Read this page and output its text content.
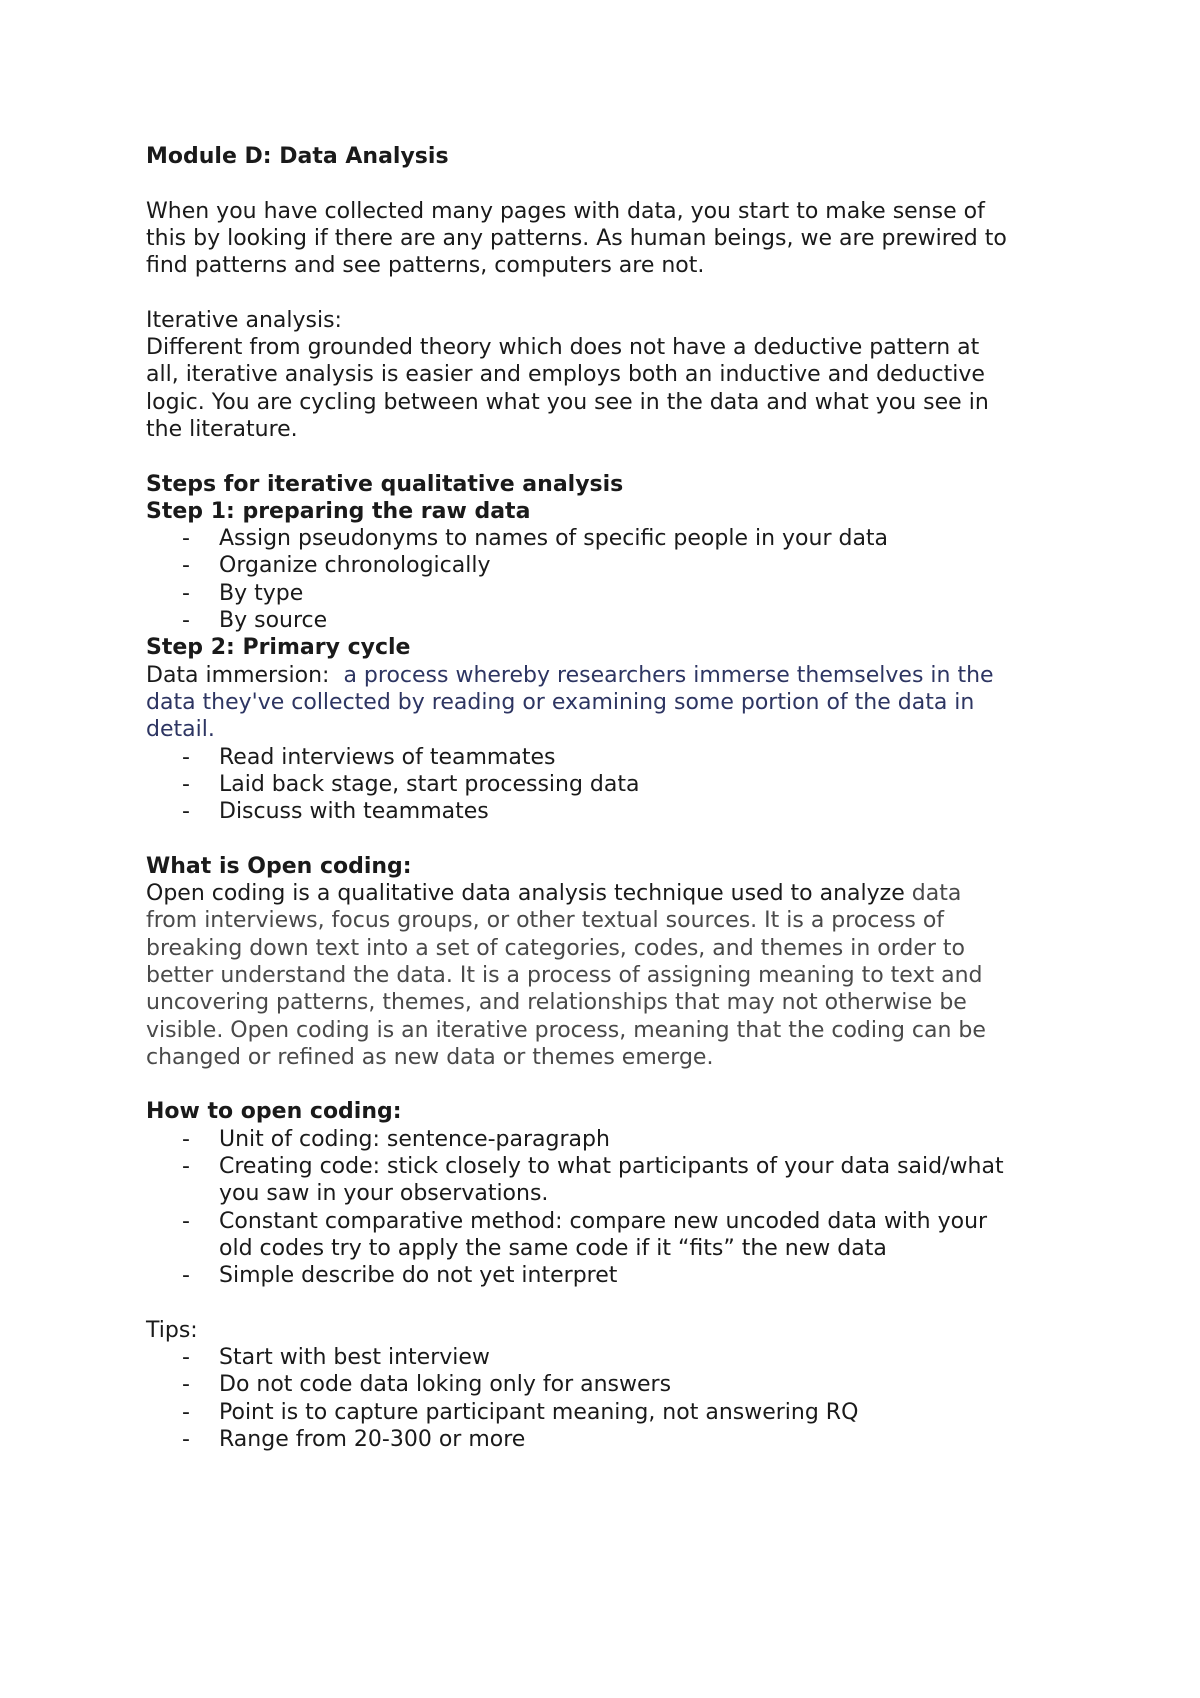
Module D: Data Analysis
When you have collected many pages with data, you start to make sense of
this by looking if there are any patterns. As human beings, we are prewired to
find patterns and see patterns, computers are not.
Iterative analysis:
Different from grounded theory which does not have a deductive pattern at
all, iterative analysis is easier and employs both an inductive and deductive
logic. You are cycling between what you see in the data and what you see in
the literature.
Steps for iterative qualitative analysis
Step 1: preparing the raw data
- Assign pseudonyms to names of specific people in your data
- Organize chronologically
- By type
- By source
Step 2: Primary cycle
Data immersion:  a process whereby researchers immerse themselves in the
data they've collected by reading or examining some portion of the data in
detail.
- Read interviews of teammates
- Laid back stage, start processing data
- Discuss with teammates
What is Open coding:
Open coding is a qualitative data analysis technique used to analyze data
from interviews, focus groups, or other textual sources. It is a process of
breaking down text into a set of categories, codes, and themes in order to
better understand the data. It is a process of assigning meaning to text and
uncovering patterns, themes, and relationships that may not otherwise be
visible. Open coding is an iterative process, meaning that the coding can be
changed or refined as new data or themes emerge.
How to open coding:
- Unit of coding: sentence-paragraph
- Creating code: stick closely to what participants of your data said/what
you saw in your observations.
- Constant comparative method: compare new uncoded data with your
old codes try to apply the same code if it “fits” the new data
- Simple describe do not yet interpret
Tips:
- Start with best interview
- Do not code data loking only for answers
- Point is to capture participant meaning, not answering RQ
- Range from 20-300 or more
